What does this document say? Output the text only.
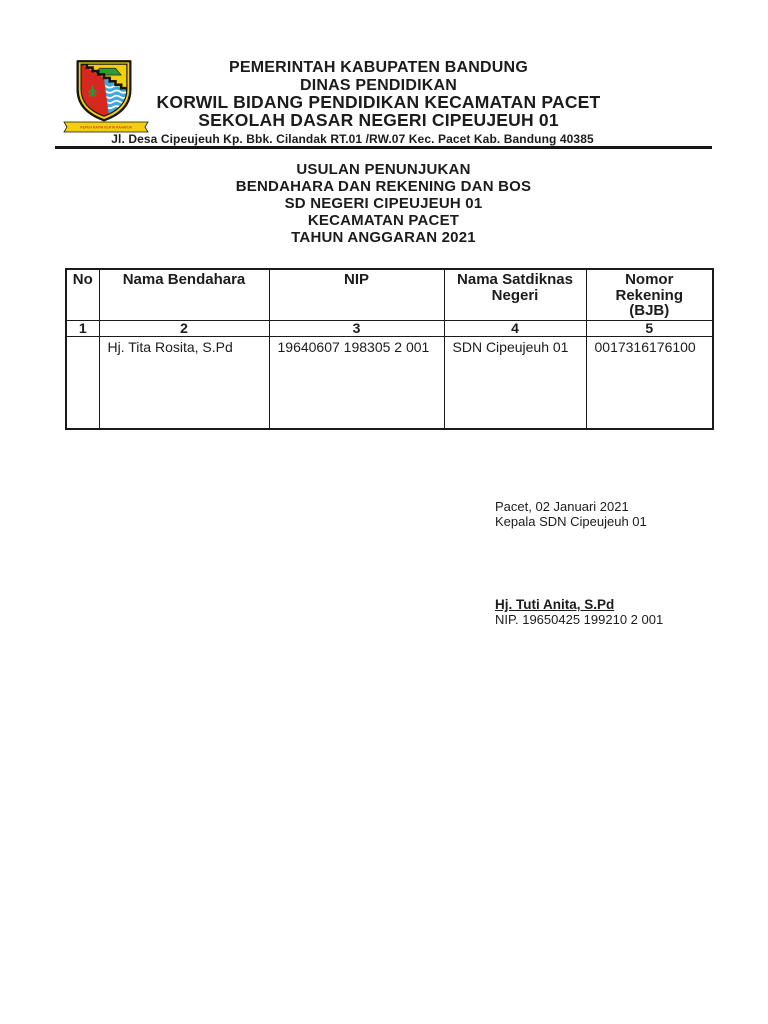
REPEH RAPIH KERTA RAHARJA
PEMERINTAH KABUPATEN BANDUNG
DINAS PENDIDIKAN
KORWIL BIDANG PENDIDIKAN KECAMATAN PACET
SEKOLAH DASAR NEGERI CIPEUJEUH 01
Jl. Desa Cipeujeuh Kp. Bbk. Cilandak RT.01 /RW.07 Kec. Pacet Kab. Bandung 40385
USULAN PENUNJUKAN
BENDAHARA DAN REKENING DAN BOS
SD NEGERI CIPEUJEUH 01
KECAMATAN PACET
TAHUN ANGGARAN 2021
No	Nama Bendahara	NIP	Nama Satdiknas Negeri	Nomor Rekening (BJB)
1	2	3	4	5
	Hj. Tita Rosita, S.Pd	19640607 198305 2 001	SDN Cipeujeuh 01	0017316176100
Pacet, 02 Januari 2021
Kepala SDN Cipeujeuh 01
Hj. Tuti Anita, S.Pd
NIP. 19650425 199210 2 001
